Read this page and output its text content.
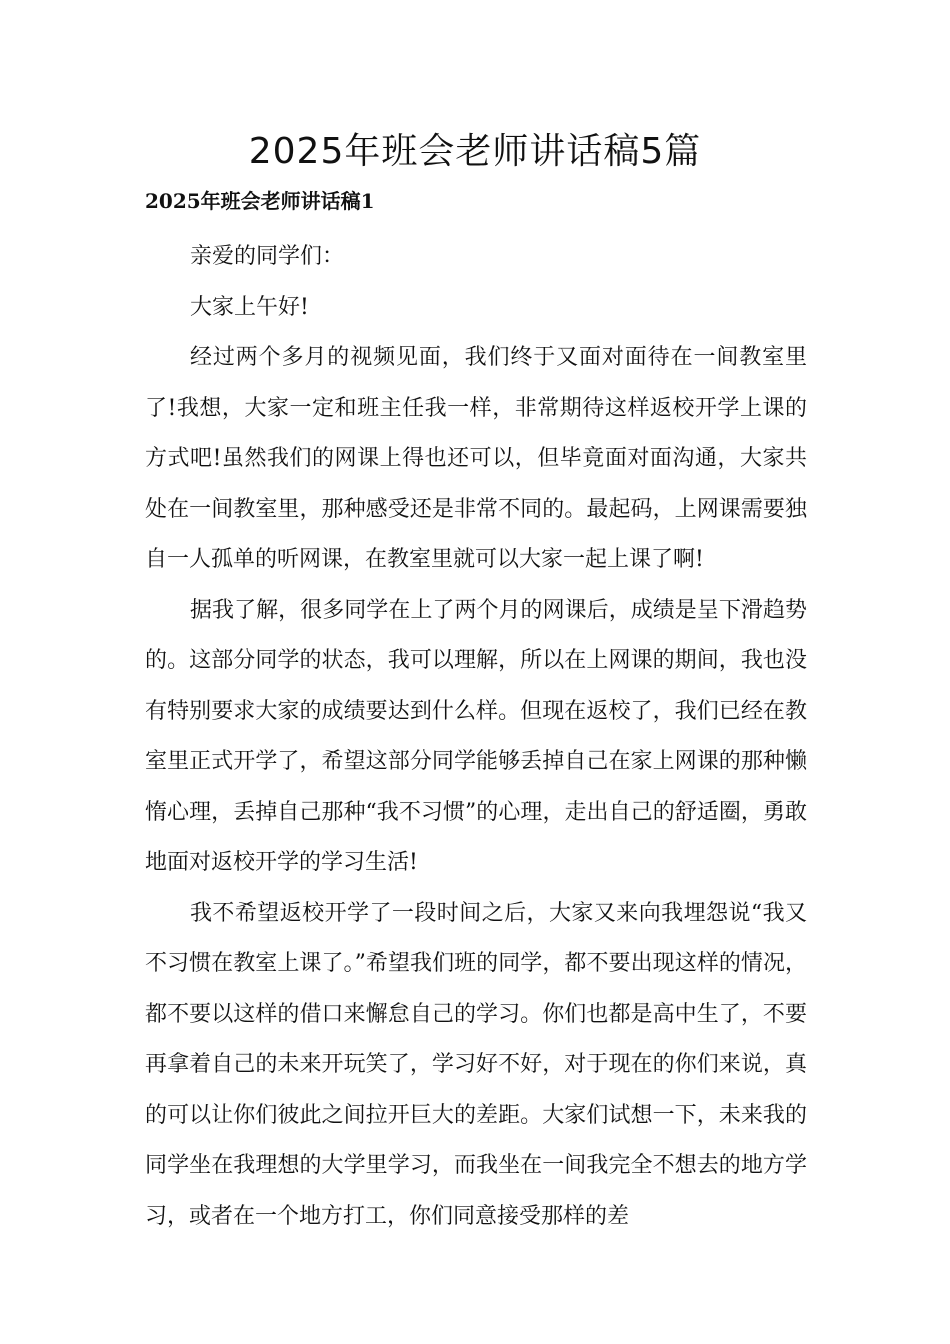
2025年班会老师讲话稿5篇
2025年班会老师讲话稿1

亲爱的同学们：

大家上午好!

经过两个多月的视频见面，我们终于又面对面待在一间教室里了!我想，大家一定和班主任我一样，非常期待这样返校开学上课的方式吧!虽然我们的网课上得也还可以，但毕竟面对面沟通，大家共处在一间教室里，那种感受还是非常不同的。最起码，上网课需要独自一人孤单的听网课，在教室里就可以大家一起上课了啊!

据我了解，很多同学在上了两个月的网课后，成绩是呈下滑趋势的。这部分同学的状态，我可以理解，所以在上网课的期间，我也没有特别要求大家的成绩要达到什么样。但现在返校了，我们已经在教室里正式开学了，希望这部分同学能够丢掉自己在家上网课的那种懒惰心理，丢掉自己那种“我不习惯”的心理，走出自己的舒适圈，勇敢地面对返校开学的学习生活!

我不希望返校开学了一段时间之后，大家又来向我埋怨说“我又不习惯在教室上课了。”希望我们班的同学，都不要出现这样的情况，都不要以这样的借口来懈怠自己的学习。你们也都是高中生了，不要再拿着自己的未来开玩笑了，学习好不好，对于现在的你们来说，真的可以让你们彼此之间拉开巨大的差距。大家们试想一下，未来我的同学坐在我理想的大学里学习，而我坐在一间我完全不想去的地方学习，或者在一个地方打工，你们同意接受那样的差
